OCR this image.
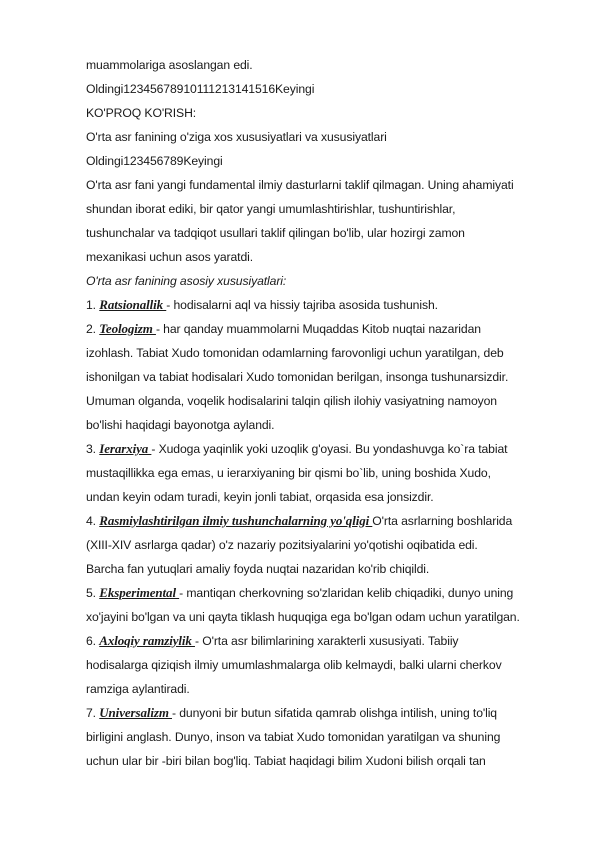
muammolariga asoslangan edi.
Oldingi12345678910111213141516Keyingi
KO'PROQ KO'RISH:
O'rta asr fanining o'ziga xos xususiyatlari va xususiyatlari
Oldingi123456789Keyingi
O'rta asr fani yangi fundamental ilmiy dasturlarni taklif qilmagan. Uning ahamiyati
shundan iborat ediki, bir qator yangi umumlashtirishlar, tushuntirishlar,
tushunchalar va tadqiqot usullari taklif qilingan bo'lib, ular hozirgi zamon
mexanikasi uchun asos yaratdi.
O'rta asr fanining asosiy xususiyatlari:
1. Ratsionallik - hodisalarni aql va hissiy tajriba asosida tushunish.
2. Teologizm - har qanday muammolarni Muqaddas Kitob nuqtai nazaridan
izohlash. Tabiat Xudo tomonidan odamlarning farovonligi uchun yaratilgan, deb
ishonilgan va tabiat hodisalari Xudo tomonidan berilgan, insonga tushunarsizdir.
Umuman olganda, voqelik hodisalarini talqin qilish ilohiy vasiyatning namoyon
bo'lishi haqidagi bayonotga aylandi.
3. Ierarxiya - Xudoga yaqinlik yoki uzoqlik g'oyasi. Bu yondashuvga ko`ra tabiat
mustaqillikka ega emas, u ierarxiyaning bir qismi bo`lib, uning boshida Xudo,
undan keyin odam turadi, keyin jonli tabiat, orqasida esa jonsizdir.
4. Rasmiylashtirilgan ilmiy tushunchalarning yo'qligi O'rta asrlarning boshlarida
(XIII-XIV asrlarga qadar) o'z nazariy pozitsiyalarini yo'qotishi oqibatida edi.
Barcha fan yutuqlari amaliy foyda nuqtai nazaridan ko'rib chiqildi.
5. Eksperimental - mantiqan cherkovning so'zlaridan kelib chiqadiki, dunyo uning
xo'jayini bo'lgan va uni qayta tiklash huquqiga ega bo'lgan odam uchun yaratilgan.
6. Axloqiy ramziylik - O'rta asr bilimlarining xarakterli xususiyati. Tabiiy
hodisalarga qiziqish ilmiy umumlashmalarga olib kelmaydi, balki ularni cherkov
ramziga aylantiradi.
7. Universalizm - dunyoni bir butun sifatida qamrab olishga intilish, uning to'liq
birligini anglash. Dunyo, inson va tabiat Xudo tomonidan yaratilgan va shuning
uchun ular bir -biri bilan bog'liq. Tabiat haqidagi bilim Xudoni bilish orqali tan
